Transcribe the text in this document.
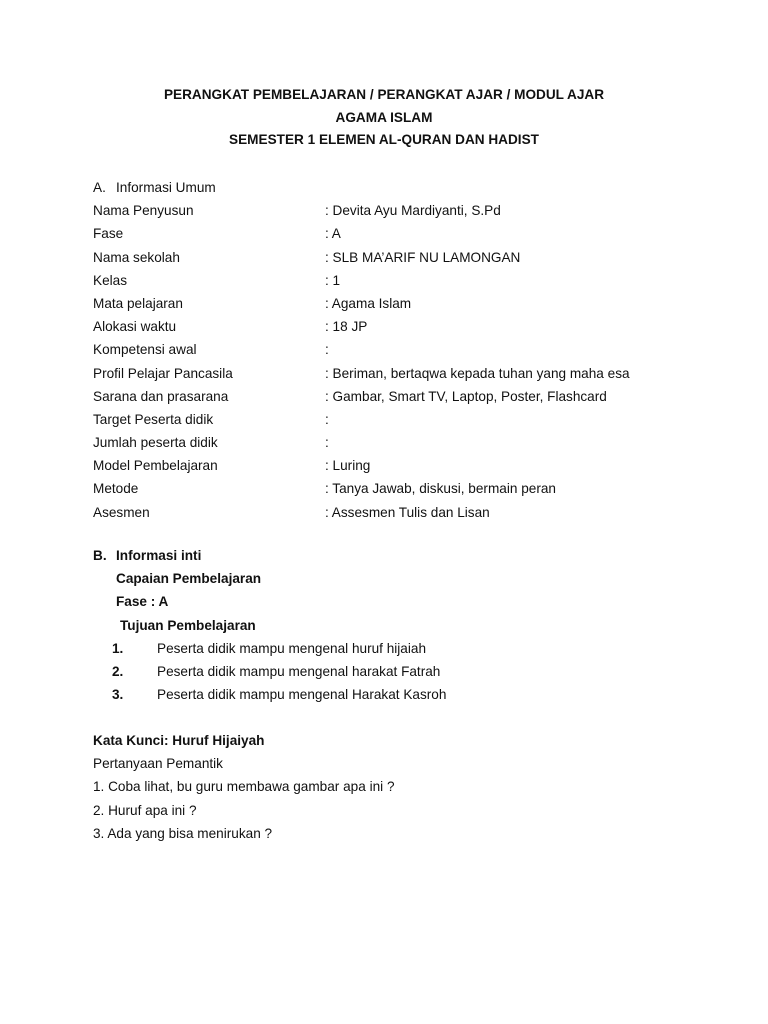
PERANGKAT PEMBELAJARAN / PERANGKAT AJAR / MODUL AJAR
AGAMA ISLAM
SEMESTER 1 ELEMEN AL-QURAN DAN HADIST
A. Informasi Umum
Nama Penyusun	: Devita Ayu Mardiyanti, S.Pd
Fase	: A
Nama sekolah	: SLB MA’ARIF NU LAMONGAN
Kelas	: 1
Mata pelajaran	: Agama Islam
Alokasi waktu	: 18 JP
Kompetensi awal	:
Profil Pelajar Pancasila	: Beriman, bertaqwa kepada tuhan yang maha esa
Sarana dan prasarana	: Gambar, Smart TV, Laptop, Poster, Flashcard
Target Peserta didik	:
Jumlah peserta didik	:
Model Pembelajaran	: Luring
Metode	: Tanya Jawab, diskusi, bermain peran
Asesmen	: Assesmen Tulis dan Lisan
B. Informasi inti
Capaian Pembelajaran
Fase : A
Tujuan Pembelajaran
1. Peserta didik mampu mengenal huruf hijaiah
2. Peserta didik mampu mengenal harakat Fatrah
3. Peserta didik mampu mengenal Harakat Kasroh
Kata Kunci: Huruf Hijaiyah
Pertanyaan Pemantik
1. Coba lihat, bu guru membawa gambar apa ini ?
2. Huruf apa ini ?
3. Ada yang bisa menirukan ?
